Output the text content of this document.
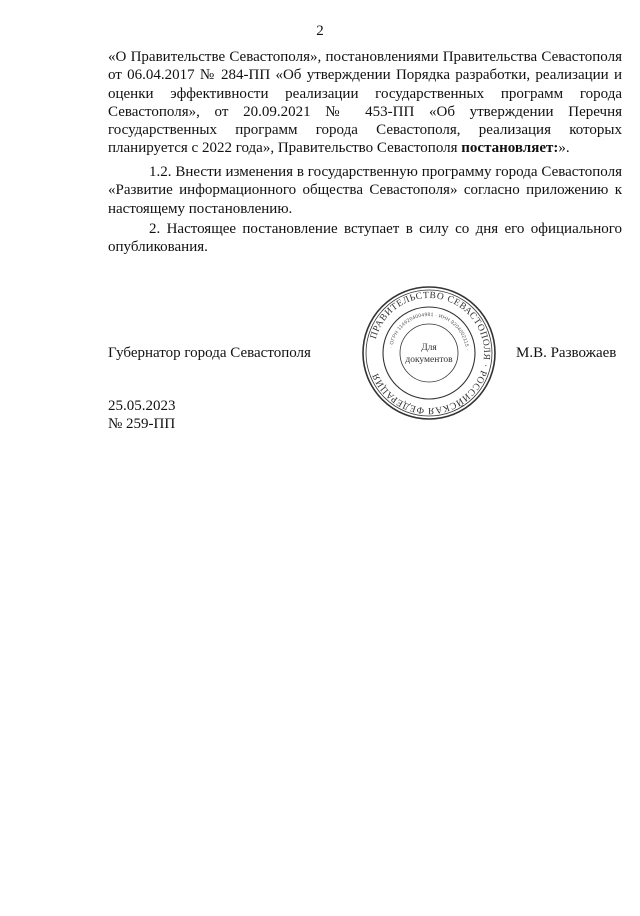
2
«О Правительстве Севастополя», постановлениями Правительства Севастополя от 06.04.2017 № 284-ПП «Об утверждении Порядка разработки, реализации и оценки эффективности реализации государственных программ города Севастополя», от 20.09.2021 № 453-ПП «Об утверждении Перечня государственных программ города Севастополя, реализация которых планируется с 2022 года», Правительство Севастополя постановляет:».
1.2. Внести изменения в государственную программу города Севастополя «Развитие информационного общества Севастополя» согласно приложению к настоящему постановлению.
2. Настоящее постановление вступает в силу со дня его официального опубликования.
Губернатор города Севастополя
ПРАВИТЕЛЬСТВО СЕВАСТОПОЛЯ · РОССИЙСКАЯ ФЕДЕРАЦИЯ
· ОГРН 1149204004981 · ИНН 9204002115 ·
Для
документов	М.В. Развожаев
25.05.2023
№ 259-ПП
